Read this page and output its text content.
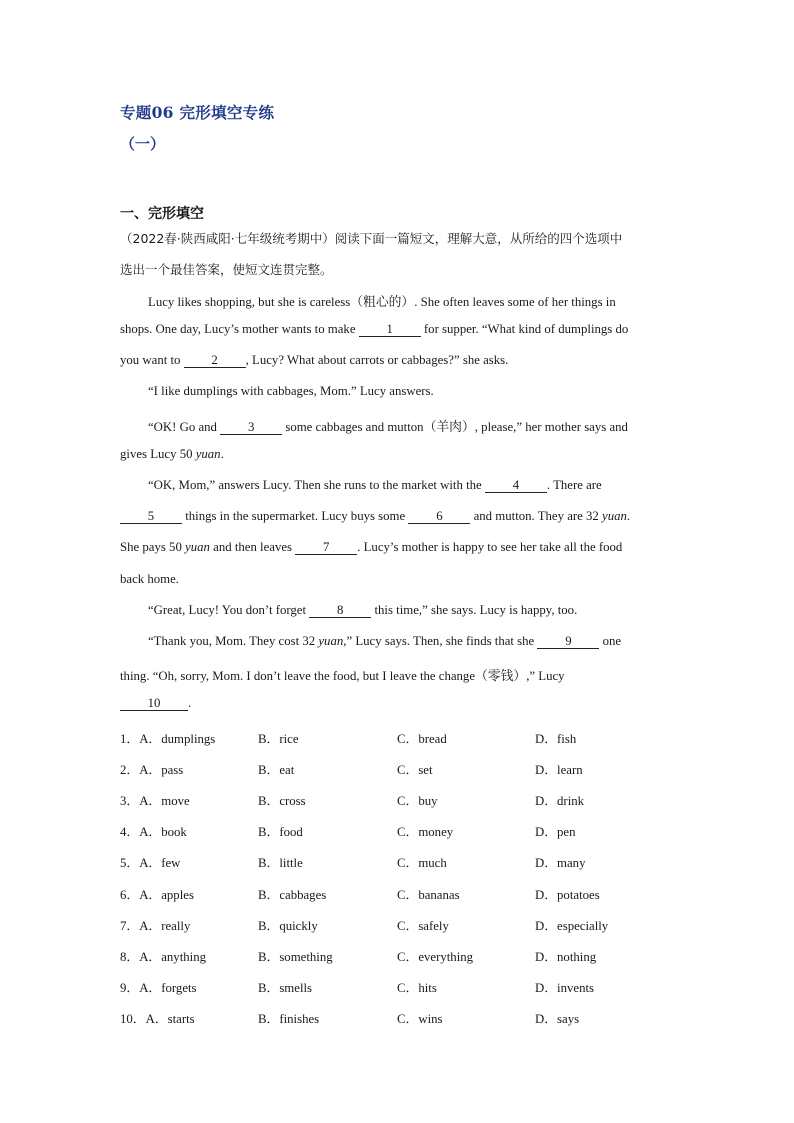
专题06 完形填空专练
（一）
一、完形填空
（2022春·陕西咸阳·七年级统考期中）阅读下面一篇短文，理解大意，从所给的四个选项中
选出一个最佳答案，使短文连贯完整。
Lucy likes shopping, but she is careless（粗心的）. She often leaves some of her things in
shops. One day, Lucy’s mother wants to make 1 for supper. “What kind of dumplings do
you want to 2 , Lucy? What about carrots or cabbages?” she asks.
“I like dumplings with cabbages, Mom.” Lucy answers.
“OK! Go and 3 some cabbages and mutton（羊肉）, please,” her mother says and
gives Lucy 50 yuan.
“OK, Mom,” answers Lucy. Then she runs to the market with the 4 . There are
5 things in the supermarket. Lucy buys some 6 and mutton. They are 32 yuan.
She pays 50 yuan and then leaves 7 . Lucy’s mother is happy to see her take all the food
back home.
“Great, Lucy! You don’t forget 8 this time,” she says. Lucy is happy, too.
“Thank you, Mom. They cost 32 yuan,” Lucy says. Then, she finds that she 9 one
thing. “Oh, sorry, Mom. I don’t leave the food, but I leave the change（零钱）,” Lucy
10 .
1．A．dumplings	B．rice	C．bread	D．fish
2．A．pass	B．eat	C．set	D．learn
3．A．move	B．cross	C．buy	D．drink
4．A．book	B．food	C．money	D．pen
5．A．few	B．little	C．much	D．many
6．A．apples	B．cabbages	C．bananas	D．potatoes
7．A．really	B．quickly	C．safely	D．especially
8．A．anything	B．something	C．everything	D．nothing
9．A．forgets	B．smells	C．hits	D．invents
10．A．starts	B．finishes	C．wins	D．says
